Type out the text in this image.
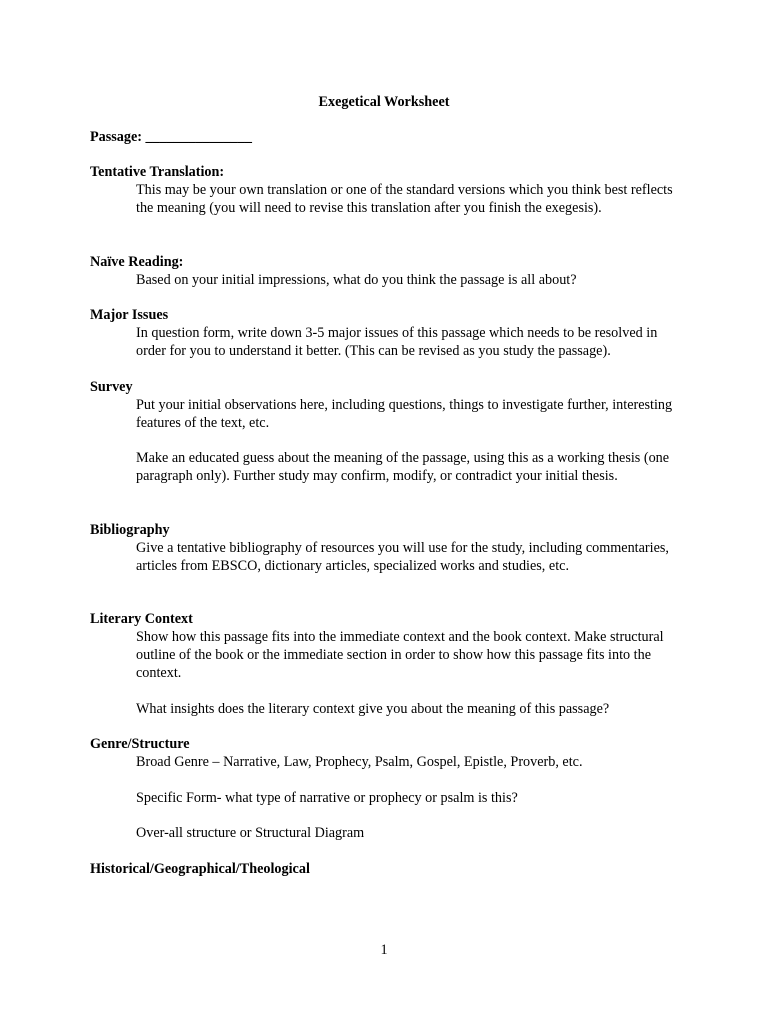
Exegetical Worksheet
Passage: _______________
Tentative Translation:
This may be your own translation or one of the standard versions which you think best reflects the meaning (you will need to revise this translation after you finish the exegesis).
Naïve Reading:
Based on your initial impressions, what do you think the passage is all about?
Major Issues
In question form, write down 3-5 major issues of this passage which needs to be resolved in order for you to understand it better. (This can be revised as you study the passage).
Survey
Put your initial observations here, including questions, things to investigate further, interesting features of the text, etc.
Make an educated guess about the meaning of the passage, using this as a working thesis (one paragraph only). Further study may confirm, modify, or contradict your initial thesis.
Bibliography
Give a tentative bibliography of resources you will use for the study, including commentaries, articles from EBSCO, dictionary articles, specialized works and studies, etc.
Literary Context
Show how this passage fits into the immediate context and the book context. Make structural outline of the book or the immediate section in order to show how this passage fits into the context.
What insights does the literary context give you about the meaning of this passage?
Genre/Structure
Broad Genre – Narrative, Law, Prophecy, Psalm, Gospel, Epistle, Proverb, etc.
Specific Form- what type of narrative or prophecy or psalm is this?
Over-all structure or Structural Diagram
Historical/Geographical/Theological
1
